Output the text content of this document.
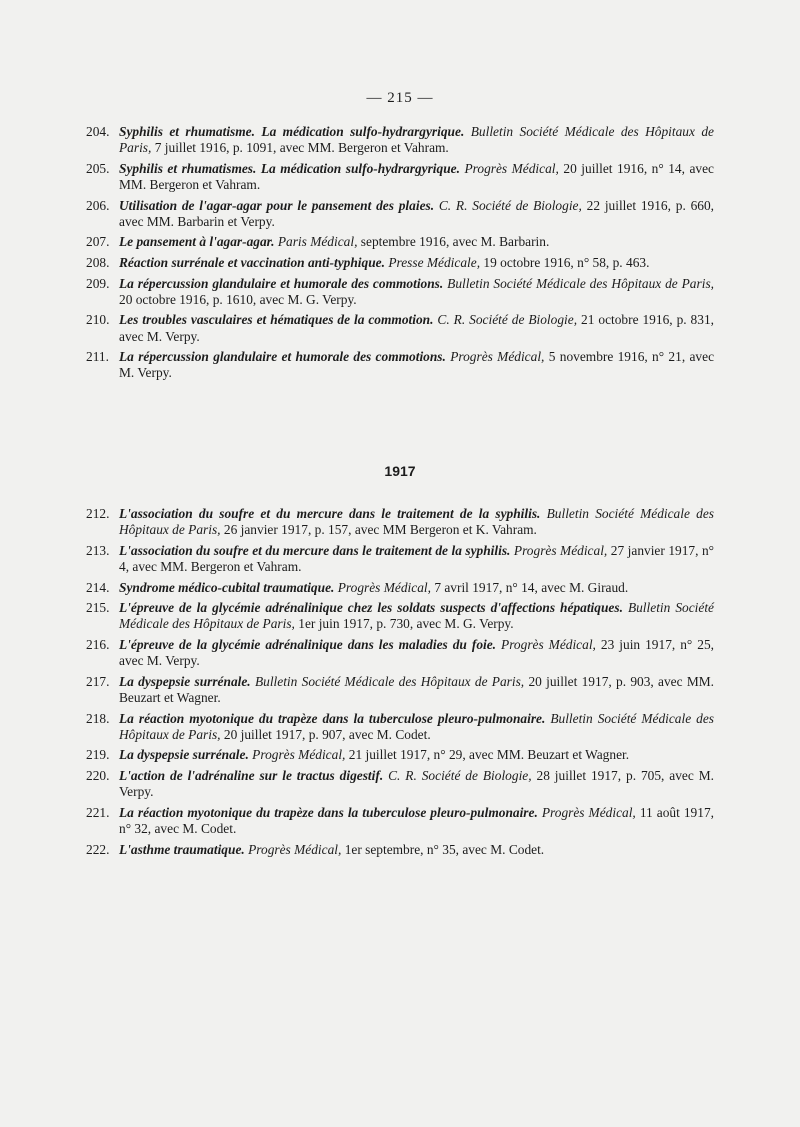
— 215 —
204. Syphilis et rhumatisme. La médication sulfo-hydrargyrique. Bulletin Société Médicale des Hôpitaux de Paris, 7 juillet 1916, p. 1091, avec MM. Bergeron et Vahram.
205. Syphilis et rhumatismes. La médication sulfo-hydrargyrique. Progrès Médical, 20 juillet 1916, n° 14, avec MM. Bergeron et Vahram.
206. Utilisation de l'agar-agar pour le pansement des plaies. C. R. Société de Biologie, 22 juillet 1916, p. 660, avec MM. Barbarin et Verpy.
207. Le pansement à l'agar-agar. Paris Médical, septembre 1916, avec M. Barbarin.
208. Réaction surrénale et vaccination anti-typhique. Presse Médicale, 19 octobre 1916, n° 58, p. 463.
209. La répercussion glandulaire et humorale des commotions. Bulletin Société Médicale des Hôpitaux de Paris, 20 octobre 1916, p. 1610, avec M. G. Verpy.
210. Les troubles vasculaires et hématiques de la commotion. C. R. Société de Biologie, 21 octobre 1916, p. 831, avec M. Verpy.
211. La répercussion glandulaire et humorale des commotions. Progrès Médical, 5 novembre 1916, n° 21, avec M. Verpy.
1917
212. L'association du soufre et du mercure dans le traitement de la syphilis. Bulletin Société Médicale des Hôpitaux de Paris, 26 janvier 1917, p. 157, avec MM Bergeron et K. Vahram.
213. L'association du soufre et du mercure dans le traitement de la syphilis. Progrès Médical, 27 janvier 1917, n° 4, avec MM. Bergeron et Vahram.
214. Syndrome médico-cubital traumatique. Progrès Médical, 7 avril 1917, n° 14, avec M. Giraud.
215. L'épreuve de la glycémie adrénalinique chez les soldats suspects d'affections hépatiques. Bulletin Société Médicale des Hôpitaux de Paris, 1er juin 1917, p. 730, avec M. G. Verpy.
216. L'épreuve de la glycémie adrénalinique dans les maladies du foie. Progrès Médical, 23 juin 1917, n° 25, avec M. Verpy.
217. La dyspepsie surrénale. Bulletin Société Médicale des Hôpitaux de Paris, 20 juillet 1917, p. 903, avec MM. Beuzart et Wagner.
218. La réaction myotonique du trapèze dans la tuberculose pleuro-pulmonaire. Bulletin Société Médicale des Hôpitaux de Paris, 20 juillet 1917, p. 907, avec M. Codet.
219. La dyspepsie surrénale. Progrès Médical, 21 juillet 1917, n° 29, avec MM. Beuzart et Wagner.
220. L'action de l'adrénaline sur le tractus digestif. C. R. Société de Biologie, 28 juillet 1917, p. 705, avec M. Verpy.
221. La réaction myotonique du trapèze dans la tuberculose pleuro-pulmonaire. Progrès Médical, 11 août 1917, n° 32, avec M. Codet.
222. L'asthme traumatique. Progrès Médical, 1er septembre, n° 35, avec M. Codet.
